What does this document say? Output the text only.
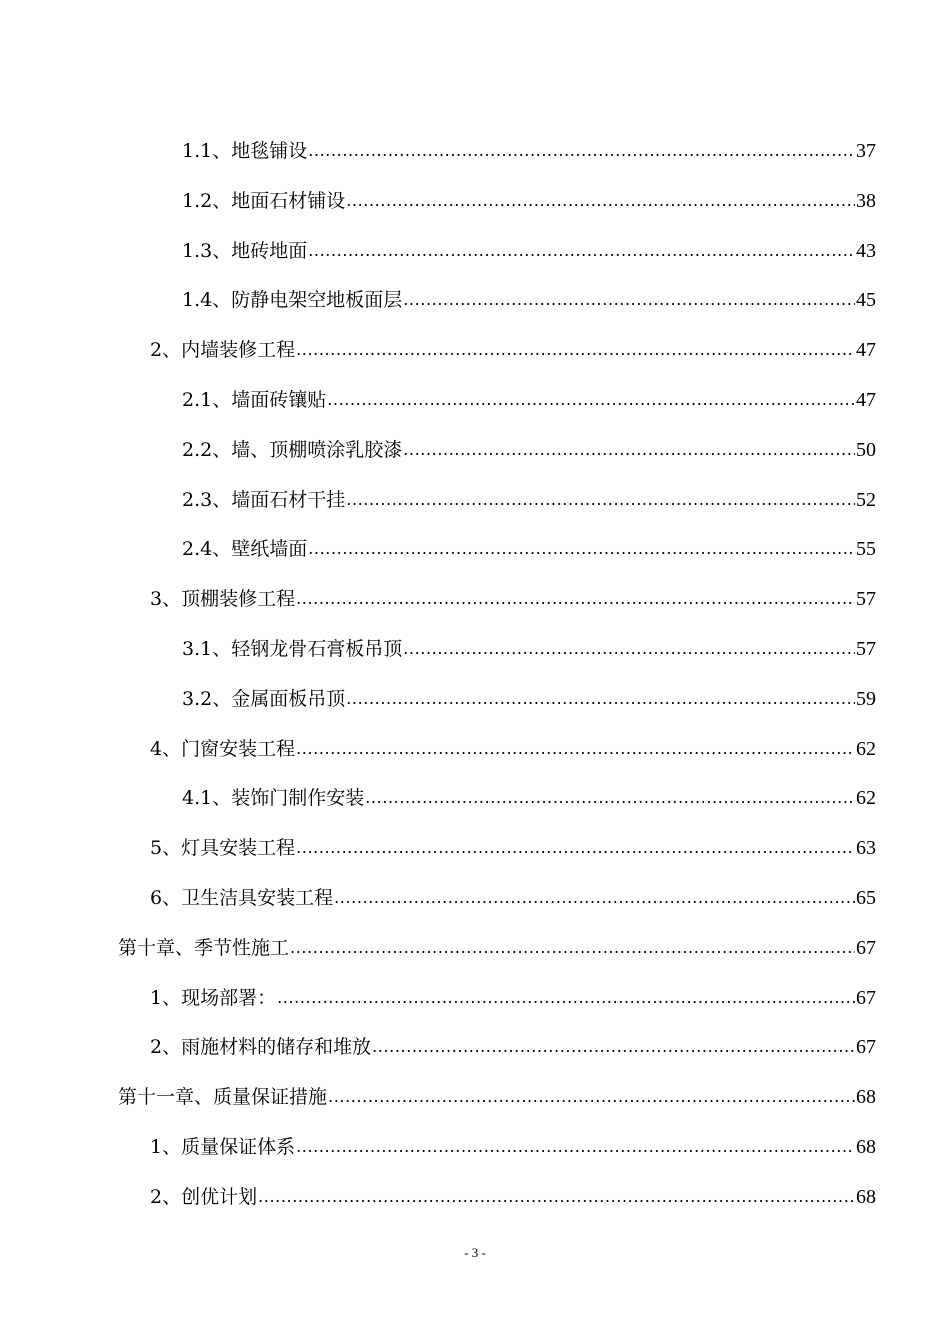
1.1、地毯铺设 .....	37
1.2、地面石材铺设 .....	38
1.3、地砖地面 .....	43
1.4、防静电架空地板面层 .....	45
2、内墙装修工程 .....	47
2.1、墙面砖镶贴 .....	47
2.2、墙、顶棚喷涂乳胶漆 .....	50
2.3、墙面石材干挂 .....	52
2.4、壁纸墙面 .....	55
3、顶棚装修工程 .....	57
3.1、轻钢龙骨石膏板吊顶 .....	57
3.2、金属面板吊顶 .....	59
4、门窗安装工程 .....	62
4.1、装饰门制作安装 .....	62
5、灯具安装工程 .....	63
6、卫生洁具安装工程 .....	65
第十章、季节性施工 .....	67
1、现场部署： .....	67
2、雨施材料的储存和堆放 .....	67
第十一章、质量保证措施 .....	68
1、质量保证体系 .....	68
2、创优计划 .....	68
- 3 -
